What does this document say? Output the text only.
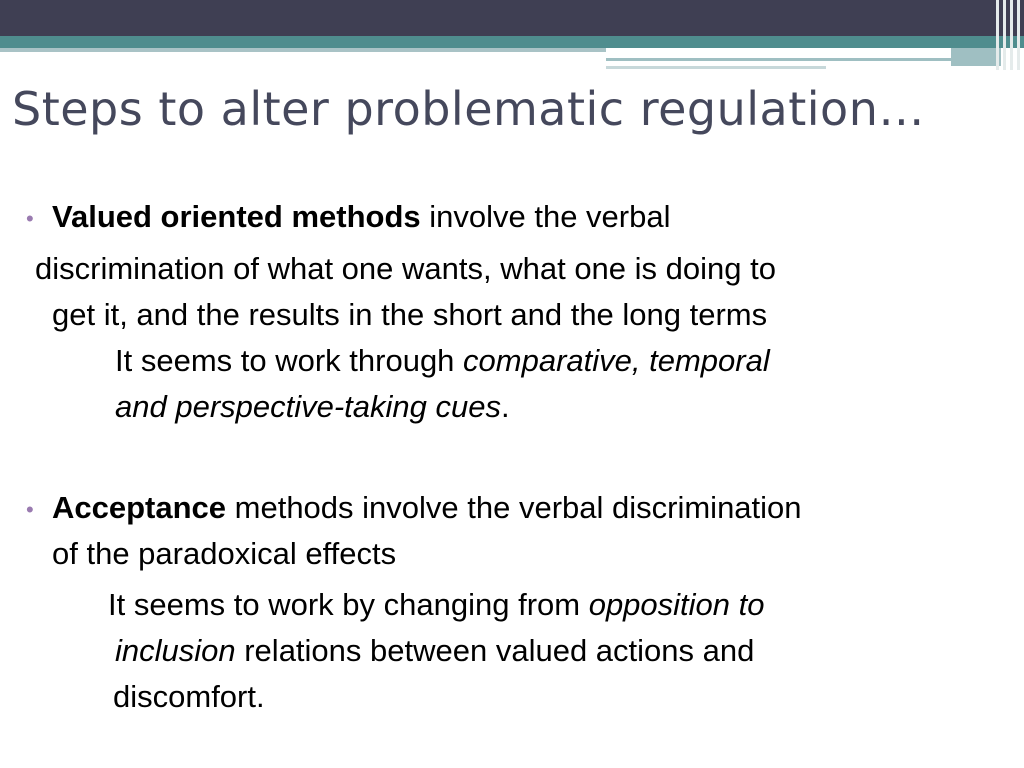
Steps to alter problematic regulation…
• Valued oriented methods involve the verbal
discrimination of what one wants, what one is doing to
get it, and the results in the short and the long terms
It seems to work through comparative, temporal
and perspective-taking cues.
• Acceptance methods involve the verbal discrimination
of the paradoxical effects
It seems to work by changing from opposition to
inclusion relations between valued actions and
discomfort.
